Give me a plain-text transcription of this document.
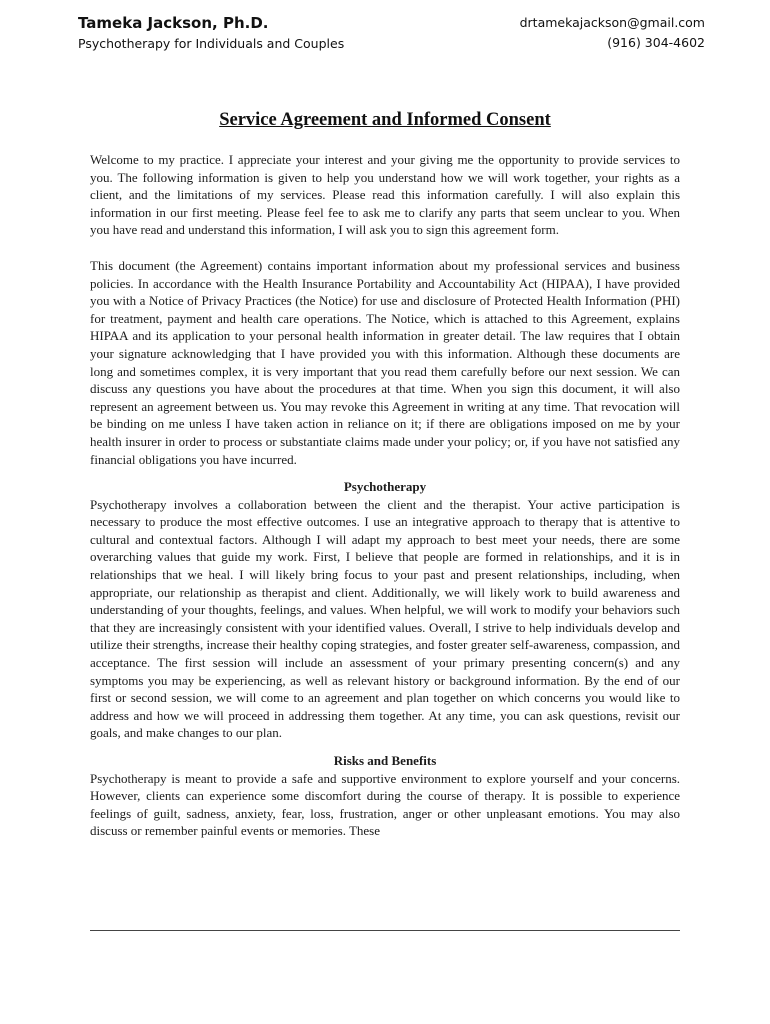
Tameka Jackson, Ph.D.
Psychotherapy for Individuals and Couples
drtamekajackson@gmail.com
(916) 304-4602
Service Agreement and Informed Consent

Welcome to my practice. I appreciate your interest and your giving me the opportunity to provide services to you. The following information is given to help you understand how we will work together, your rights as a client, and the limitations of my services. Please read this information carefully. I will also explain this information in our first meeting. Please feel fee to ask me to clarify any parts that seem unclear to you. When you have read and understand this information, I will ask you to sign this agreement form.

This document (the Agreement) contains important information about my professional services and business policies. In accordance with the Health Insurance Portability and Accountability Act (HIPAA), I have provided you with a Notice of Privacy Practices (the Notice) for use and disclosure of Protected Health Information (PHI) for treatment, payment and health care operations. The Notice, which is attached to this Agreement, explains HIPAA and its application to your personal health information in greater detail. The law requires that I obtain your signature acknowledging that I have provided you with this information. Although these documents are long and sometimes complex, it is very important that you read them carefully before our next session. We can discuss any questions you have about the procedures at that time. When you sign this document, it will also represent an agreement between us. You may revoke this Agreement in writing at any time. That revocation will be binding on me unless I have taken action in reliance on it; if there are obligations imposed on me by your health insurer in order to process or substantiate claims made under your policy; or, if you have not satisfied any financial obligations you have incurred.

Psychotherapy

Psychotherapy involves a collaboration between the client and the therapist. Your active participation is necessary to produce the most effective outcomes. I use an integrative approach to therapy that is attentive to cultural and contextual factors. Although I will adapt my approach to best meet your needs, there are some overarching values that guide my work. First, I believe that people are formed in relationships, and it is in relationships that we heal. I will likely bring focus to your past and present relationships, including, when appropriate, our relationship as therapist and client. Additionally, we will likely work to build awareness and understanding of your thoughts, feelings, and values. When helpful, we will work to modify your behaviors such that they are increasingly consistent with your identified values. Overall, I strive to help individuals develop and utilize their strengths, increase their healthy coping strategies, and foster greater self-awareness, compassion, and acceptance. The first session will include an assessment of your primary presenting concern(s) and any symptoms you may be experiencing, as well as relevant history or background information. By the end of our first or second session, we will come to an agreement and plan together on which concerns you would like to address and how we will proceed in addressing them together. At any time, you can ask questions, revisit our goals, and make changes to our plan.

Risks and Benefits

Psychotherapy is meant to provide a safe and supportive environment to explore yourself and your concerns. However, clients can experience some discomfort during the course of therapy. It is possible to experience feelings of guilt, sadness, anxiety, fear, loss, frustration, anger or other unpleasant emotions. You may also discuss or remember painful events or memories. These
